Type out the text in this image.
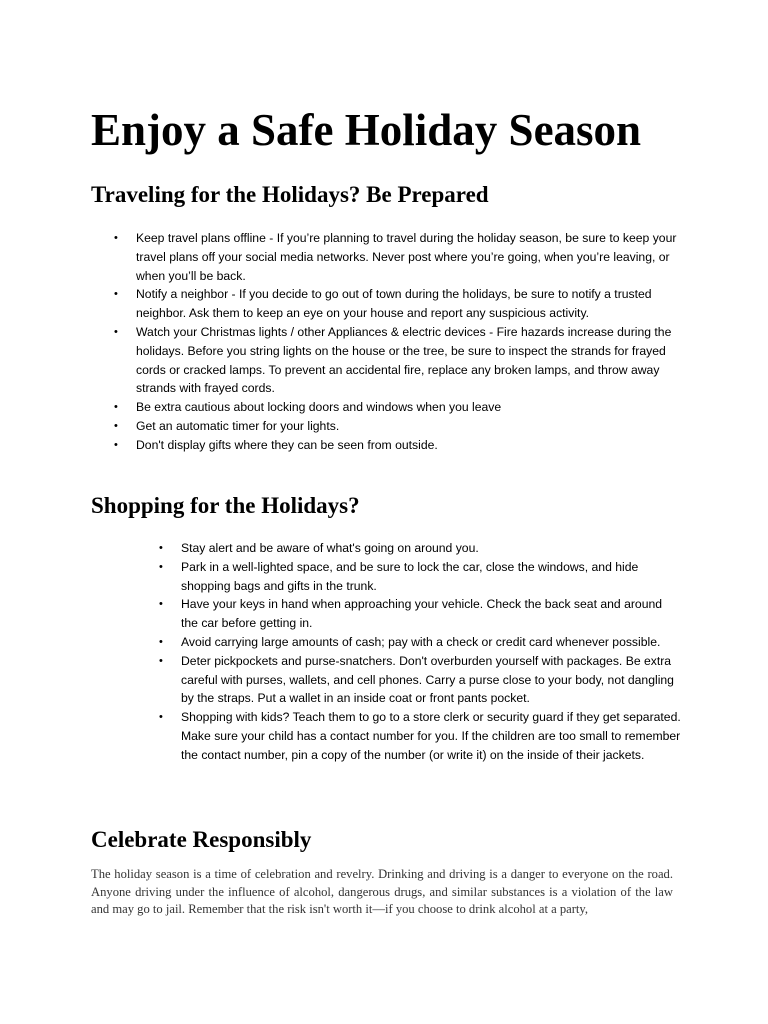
Enjoy a Safe Holiday Season
Traveling for the Holidays? Be Prepared
• Keep travel plans offline - If you’re planning to travel during the holiday season, be sure to keep your travel plans off your social media networks. Never post where you’re going, when you’re leaving, or when you’ll be back.
• Notify a neighbor - If you decide to go out of town during the holidays, be sure to notify a trusted neighbor. Ask them to keep an eye on your house and report any suspicious activity.
• Watch your Christmas lights / other Appliances & electric devices - Fire hazards increase during the holidays. Before you string lights on the house or the tree, be sure to inspect the strands for frayed cords or cracked lamps. To prevent an accidental fire, replace any broken lamps, and throw away strands with frayed cords.
• Be extra cautious about locking doors and windows when you leave
• Get an automatic timer for your lights.
• Don't display gifts where they can be seen from outside.
Shopping for the Holidays?
• Stay alert and be aware of what's going on around you.
• Park in a well-lighted space, and be sure to lock the car, close the windows, and hide shopping bags and gifts in the trunk.
• Have your keys in hand when approaching your vehicle. Check the back seat and around the car before getting in.
• Avoid carrying large amounts of cash; pay with a check or credit card whenever possible.
• Deter pickpockets and purse-snatchers. Don't overburden yourself with packages. Be extra careful with purses, wallets, and cell phones. Carry a purse close to your body, not dangling by the straps. Put a wallet in an inside coat or front pants pocket.
• Shopping with kids? Teach them to go to a store clerk or security guard if they get separated. Make sure your child has a contact number for you. If the children are too small to remember the contact number, pin a copy of the number (or write it) on the inside of their jackets.
Celebrate Responsibly

The holiday season is a time of celebration and revelry. Drinking and driving is a danger to everyone on the road. Anyone driving under the influence of alcohol, dangerous drugs, and similar substances is a violation of the law and may go to jail. Remember that the risk isn't worth it—if you choose to drink alcohol at a party,
